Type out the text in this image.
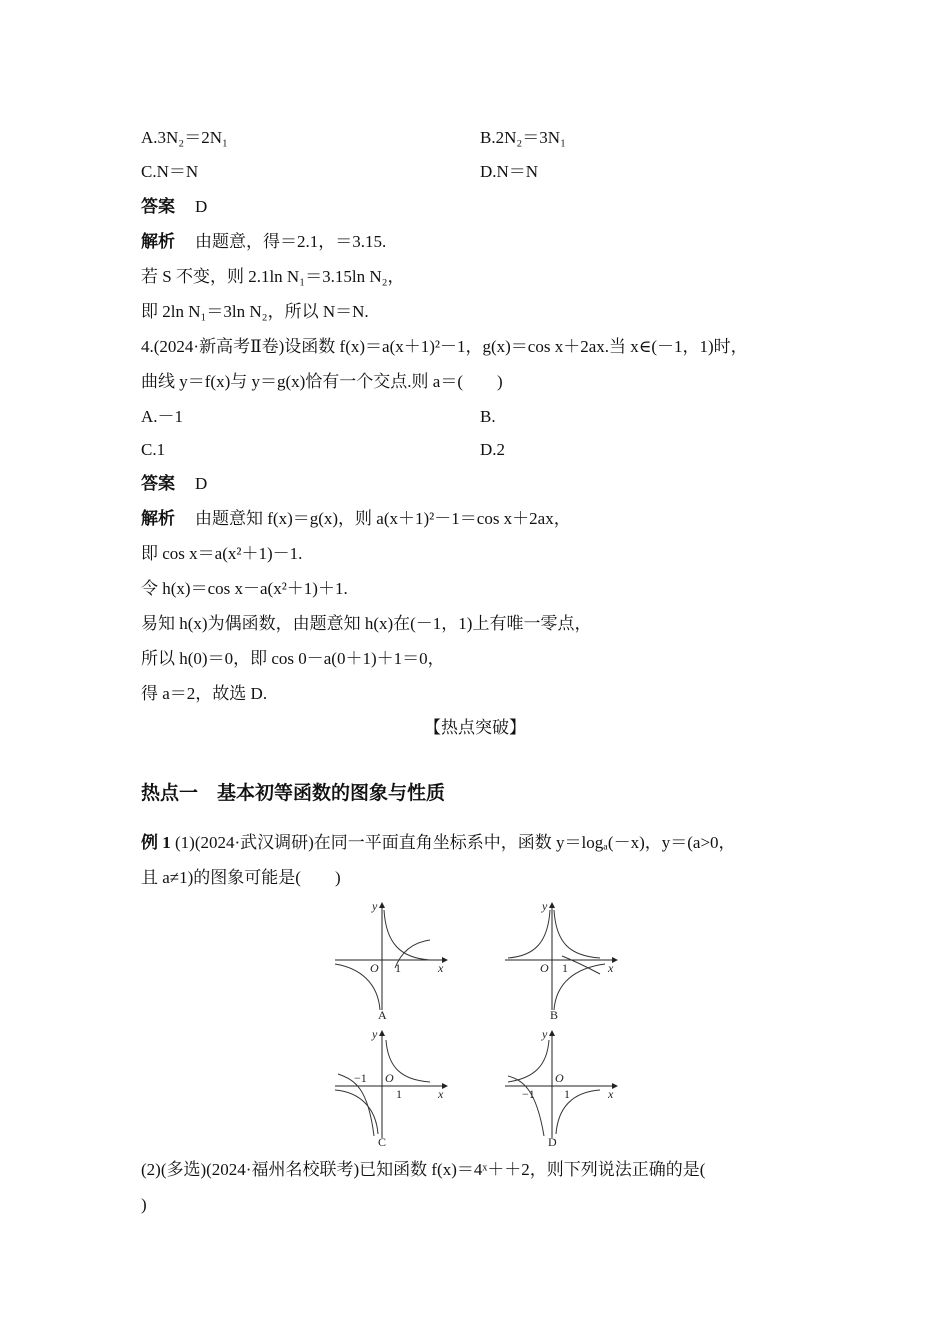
A.3N₂＝2N₁	B.2N₂＝3N₁
C.N＝N	D.N＝N
答案 D
解析 由题意，得＝2.1，＝3.15.
若 S 不变，则 2.1ln N₁＝3.15ln N₂，
即 2ln N₁＝3ln N₂，所以 N＝N.
4.(2024·新高考Ⅱ卷)设函数 f(x)＝a(x＋1)²－1，g(x)＝cos x＋2ax.当 x∈(－1，1)时，
曲线 y＝f(x)与 y＝g(x)恰有一个交点.则 a＝(　　)
A.－1	B.
C.1	D.2
答案 D
解析 由题意知 f(x)＝g(x)，则 a(x＋1)²－1＝cos x＋2ax，
即 cos x＝a(x²＋1)－1.
令 h(x)＝cos x－a(x²＋1)＋1.
易知 h(x)为偶函数，由题意知 h(x)在(－1，1)上有唯一零点，
所以 h(0)＝0，即 cos 0－a(0＋1)＋1＝0，
得 a＝2，故选 D.
【热点突破】
热点一　基本初等函数的图象与性质
例 1 (1)(2024·武汉调研)在同一平面直角坐标系中，函数 y＝logₐ(－x)，y＝(a>0，
且 a≠1)的图象可能是(　　)
x
y
O 1
A
x
y
O 1
B
x
y
O
1
−1
C
x
y
O
1
−1
D
(2)(多选)(2024·福州名校联考)已知函数 f(x)＝4ˣ＋＋2，则下列说法正确的是(
)
